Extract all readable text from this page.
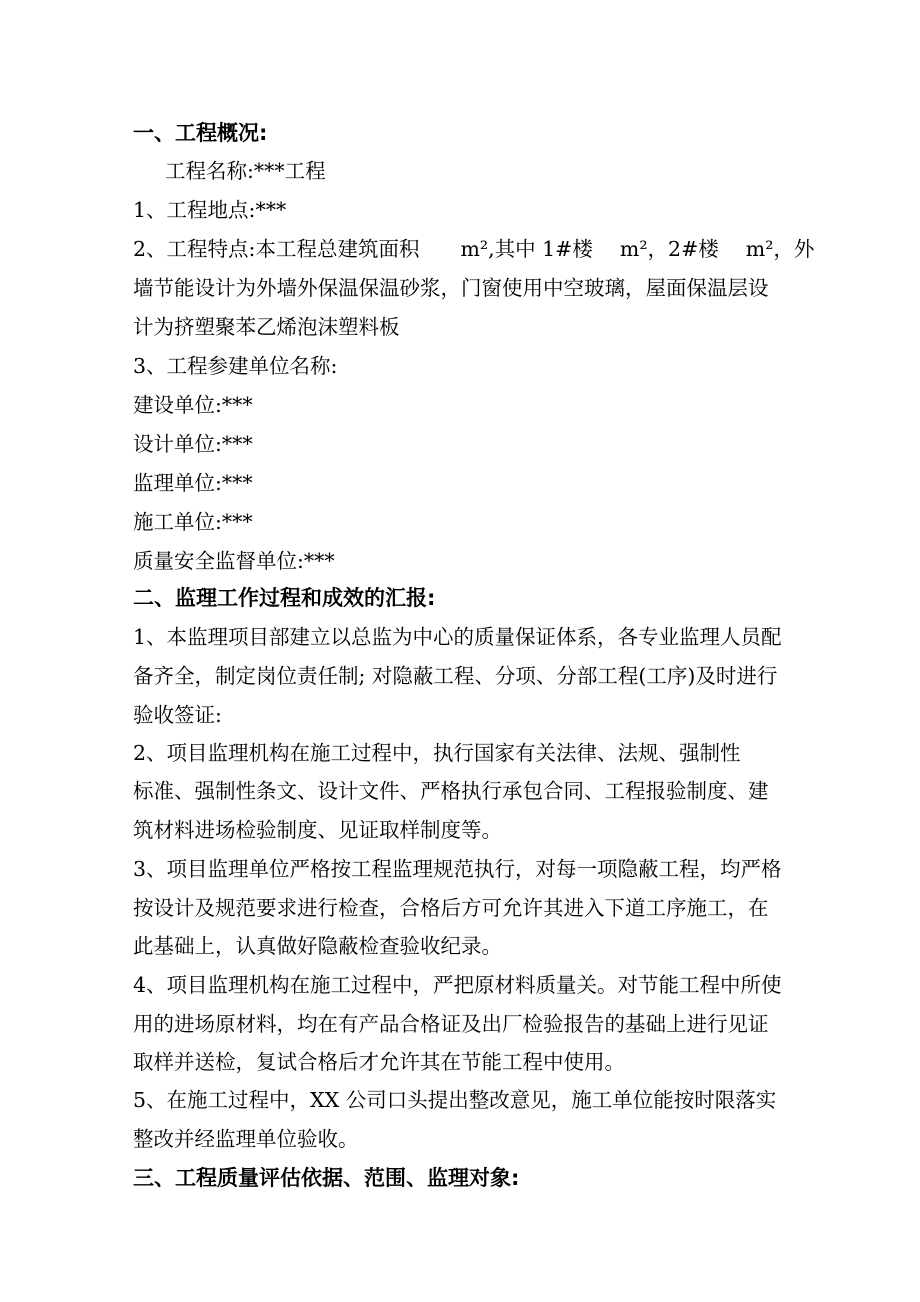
一、工程概况:
工程名称:***工程
1、工程地点:***
2、工程特点:本工程总建筑面积　　m²,其中 1#楼　 m²，2#楼　 m²，外
墙节能设计为外墙外保温保温砂浆，门窗使用中空玻璃，屋面保温层设
计为挤塑聚苯乙烯泡沫塑料板
3、工程参建单位名称:
建设单位:***
设计单位:***
监理单位:***
施工单位:***
质量安全监督单位:***
二、监理工作过程和成效的汇报:
1、本监理项目部建立以总监为中心的质量保证体系，各专业监理人员配
备齐全，制定岗位责任制; 对隐蔽工程、分项、分部工程(工序)及时进行
验收签证:
2、项目监理机构在施工过程中，执行国家有关法律、法规、强制性
标准、强制性条文、设计文件、严格执行承包合同、工程报验制度、建
筑材料进场检验制度、见证取样制度等。
3、项目监理单位严格按工程监理规范执行，对每一项隐蔽工程，均严格
按设计及规范要求进行检查，合格后方可允许其进入下道工序施工，在
此基础上，认真做好隐蔽检查验收纪录。
4、项目监理机构在施工过程中，严把原材料质量关。对节能工程中所使
用的进场原材料，均在有产品合格证及出厂检验报告的基础上进行见证
取样并送检，复试合格后才允许其在节能工程中使用。
5、在施工过程中，XX 公司口头提出整改意见，施工单位能按时限落实
整改并经监理单位验收。
三、工程质量评估依据、范围、监理对象:
